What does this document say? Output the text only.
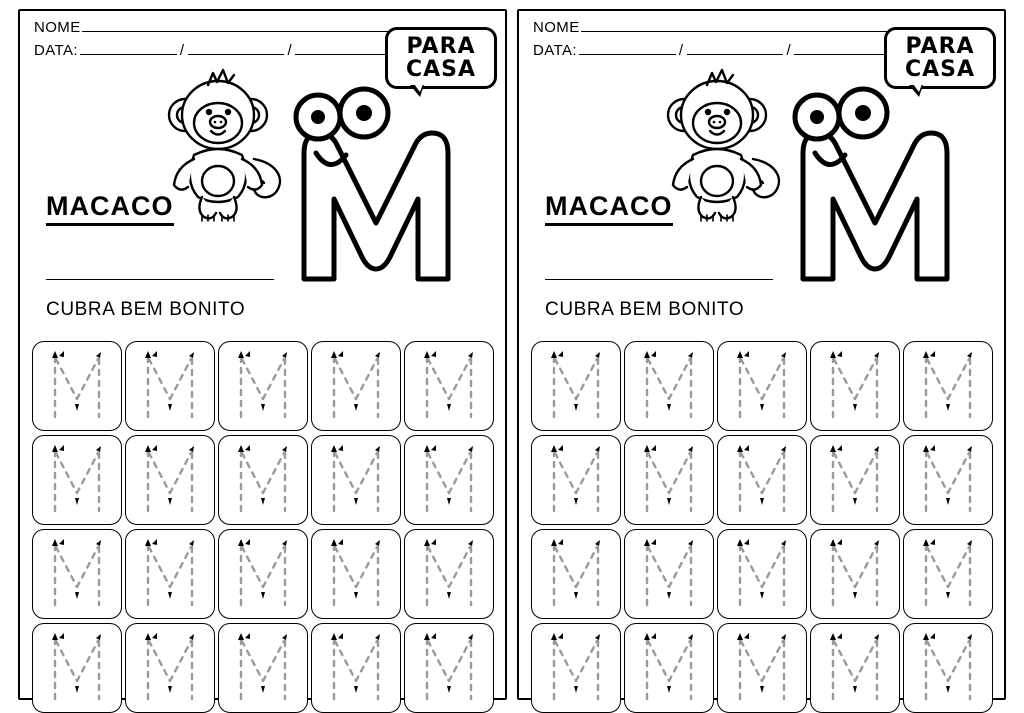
NOME
DATA:	/	/	PARA
CASA
MACACO
CUBRA BEM BONITO
NOME
DATA:	/	/	PARA
CASA
MACACO
CUBRA BEM BONITO
